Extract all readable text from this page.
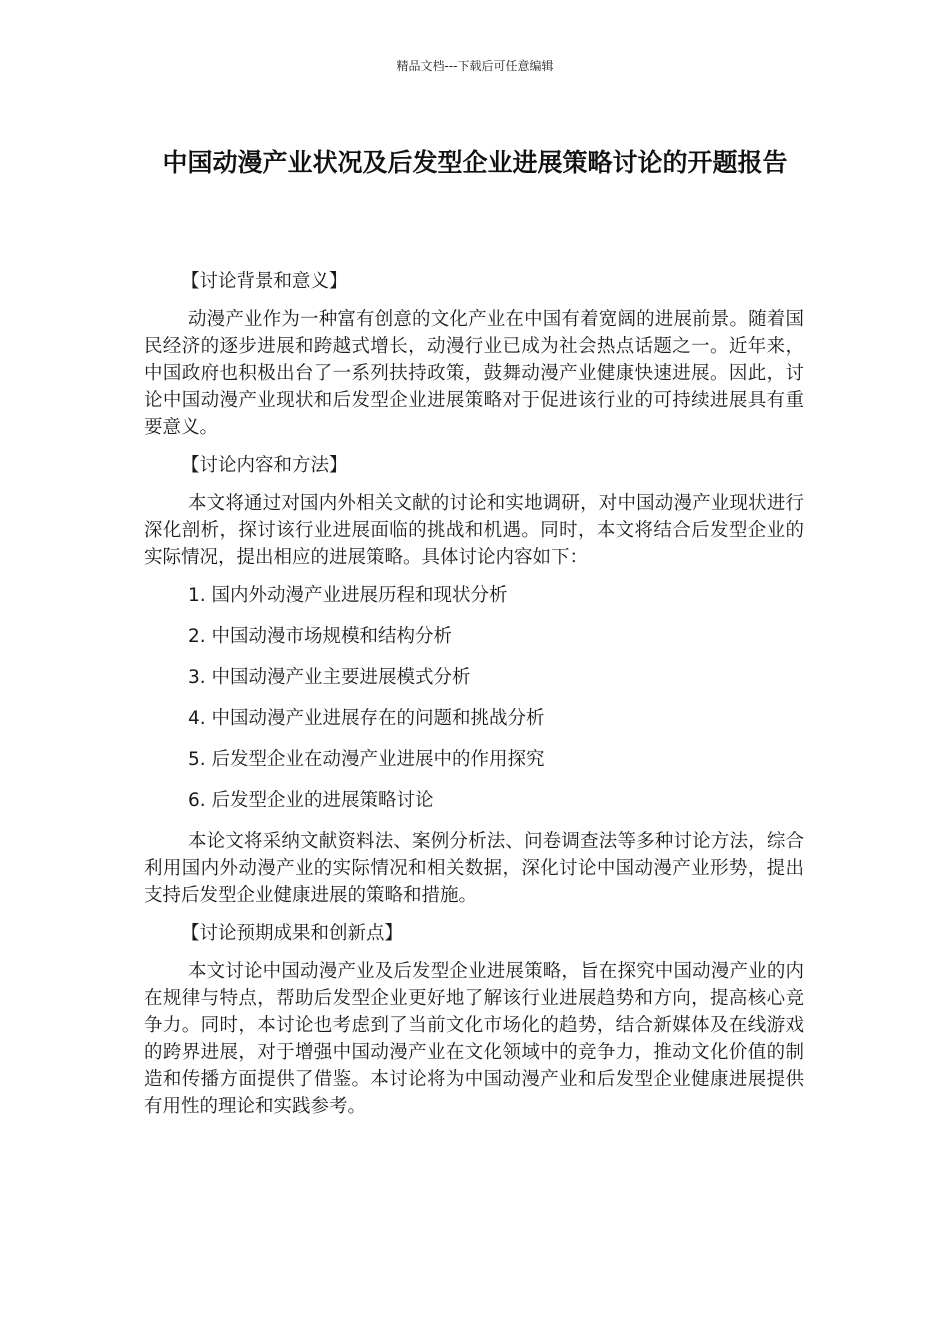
精品文档---下载后可任意编辑
中国动漫产业状况及后发型企业进展策略讨论的开题报告

【讨论背景和意义】

动漫产业作为一种富有创意的文化产业在中国有着宽阔的进展前景。随着国民经济的逐步进展和跨越式增长，动漫行业已成为社会热点话题之一。近年来，中国政府也积极出台了一系列扶持政策，鼓舞动漫产业健康快速进展。因此，讨论中国动漫产业现状和后发型企业进展策略对于促进该行业的可持续进展具有重要意义。

【讨论内容和方法】

本文将通过对国内外相关文献的讨论和实地调研，对中国动漫产业现状进行深化剖析，探讨该行业进展面临的挑战和机遇。同时，本文将结合后发型企业的实际情况，提出相应的进展策略。具体讨论内容如下：

1. 国内外动漫产业进展历程和现状分析
2. 中国动漫市场规模和结构分析
3. 中国动漫产业主要进展模式分析
4. 中国动漫产业进展存在的问题和挑战分析
5. 后发型企业在动漫产业进展中的作用探究
6. 后发型企业的进展策略讨论

本论文将采纳文献资料法、案例分析法、问卷调查法等多种讨论方法，综合利用国内外动漫产业的实际情况和相关数据，深化讨论中国动漫产业形势，提出支持后发型企业健康进展的策略和措施。

【讨论预期成果和创新点】

本文讨论中国动漫产业及后发型企业进展策略，旨在探究中国动漫产业的内在规律与特点，帮助后发型企业更好地了解该行业进展趋势和方向，提高核心竞争力。同时，本讨论也考虑到了当前文化市场化的趋势，结合新媒体及在线游戏的跨界进展，对于增强中国动漫产业在文化领域中的竞争力，推动文化价值的制造和传播方面提供了借鉴。本讨论将为中国动漫产业和后发型企业健康进展提供有用性的理论和实践参考。
